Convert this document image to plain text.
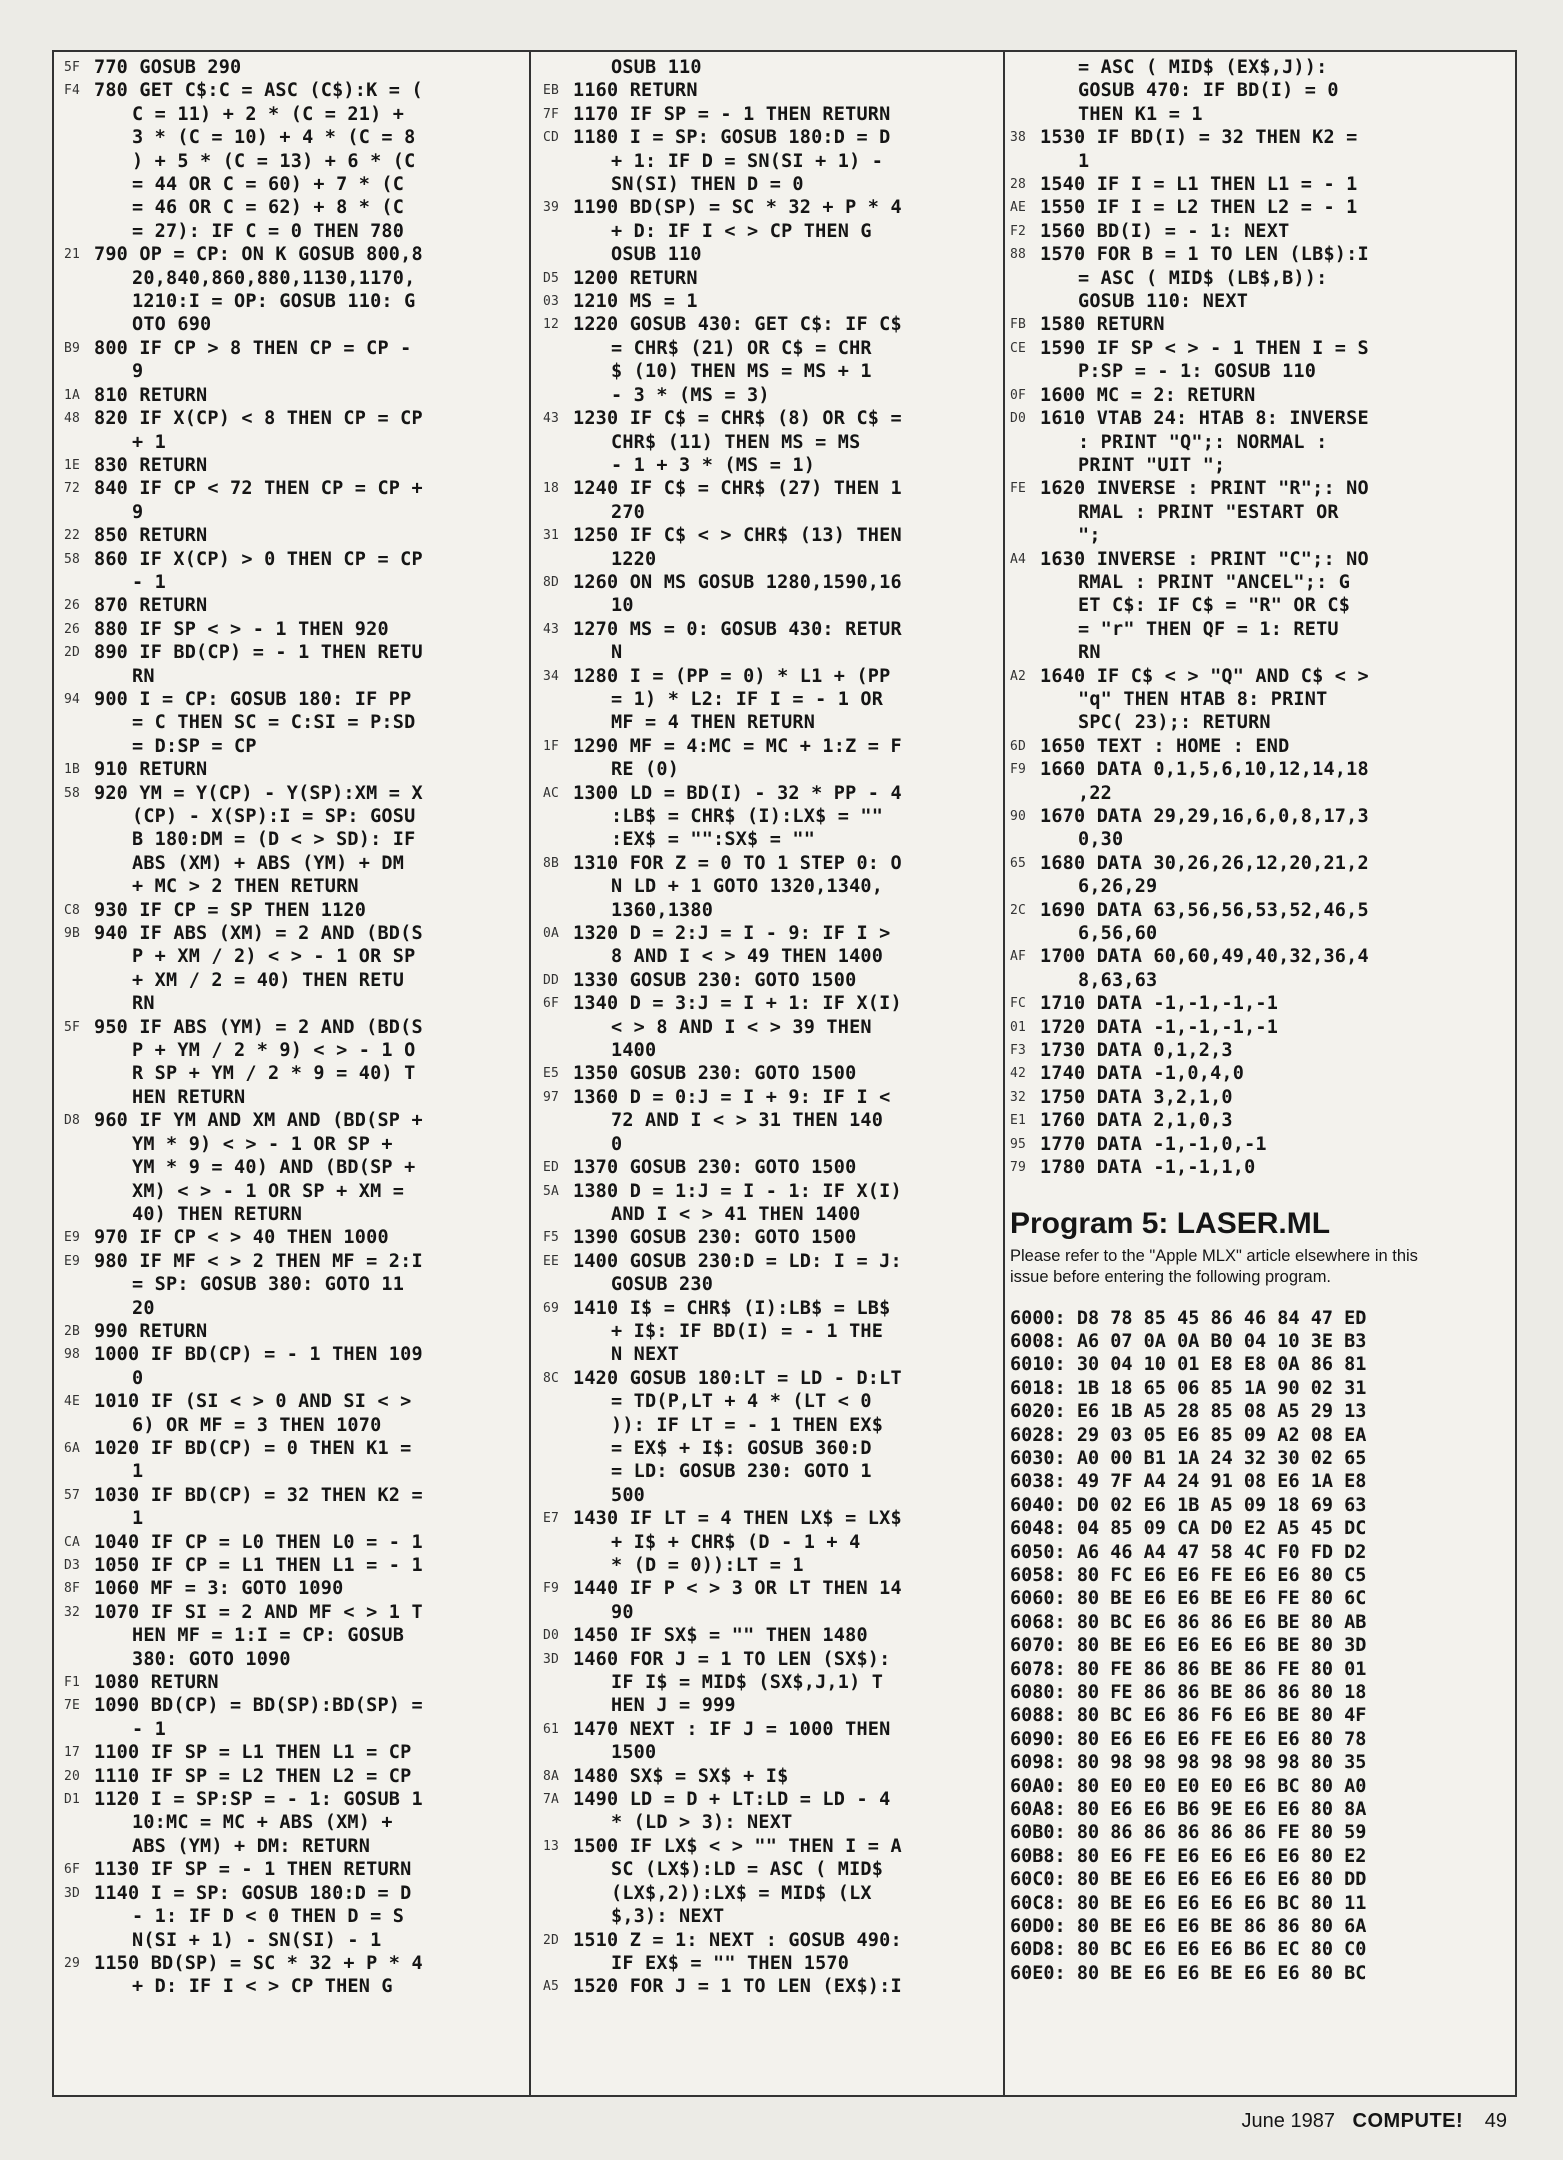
5F 770 GOSUB 290
F4 780 GET C$:C = ASC (C$):K = (
C = 11) + 2 * (C = 21) +
3 * (C = 10) + 4 * (C = 8
) + 5 * (C = 13) + 6 * (C
= 44 OR C = 60) + 7 * (C
= 46 OR C = 62) + 8 * (C
= 27): IF C = 0 THEN 780
21 790 OP = CP: ON K GOSUB 800,8
20,840,860,880,1130,1170,
1210:I = OP: GOSUB 110: G
OTO 690
B9 800 IF CP > 8 THEN CP = CP -
9
1A 810 RETURN
48 820 IF X(CP) < 8 THEN CP = CP
+ 1
1E 830 RETURN
72 840 IF CP < 72 THEN CP = CP +
9
22 850 RETURN
58 860 IF X(CP) > 0 THEN CP = CP
- 1
26 870 RETURN
26 880 IF SP < > - 1 THEN 920
2D 890 IF BD(CP) = - 1 THEN RETU
RN
94 900 I = CP: GOSUB 180: IF PP
= C THEN SC = C:SI = P:SD
= D:SP = CP
1B 910 RETURN
58 920 YM = Y(CP) - Y(SP):XM = X
(CP) - X(SP):I = SP: GOSU
B 180:DM = (D < > SD): IF
ABS (XM) + ABS (YM) + DM
+ MC > 2 THEN RETURN
C8 930 IF CP = SP THEN 1120
9B 940 IF ABS (XM) = 2 AND (BD(S
P + XM / 2) < > - 1 OR SP
+ XM / 2 = 40) THEN RETU
RN
5F 950 IF ABS (YM) = 2 AND (BD(S
P + YM / 2 * 9) < > - 1 O
R SP + YM / 2 * 9 = 40) T
HEN RETURN
D8 960 IF YM AND XM AND (BD(SP +
YM * 9) < > - 1 OR SP +
YM * 9 = 40) AND (BD(SP +
XM) < > - 1 OR SP + XM =
40) THEN RETURN
E9 970 IF CP < > 40 THEN 1000
E9 980 IF MF < > 2 THEN MF = 2:I
= SP: GOSUB 380: GOTO 11
20
2B 990 RETURN
98 1000 IF BD(CP) = - 1 THEN 109
0
4E 1010 IF (SI < > 0 AND SI < >
6) OR MF = 3 THEN 1070
6A 1020 IF BD(CP) = 0 THEN K1 =
1
57 1030 IF BD(CP) = 32 THEN K2 =
1
CA 1040 IF CP = L0 THEN L0 = - 1
D3 1050 IF CP = L1 THEN L1 = - 1
8F 1060 MF = 3: GOTO 1090
32 1070 IF SI = 2 AND MF < > 1 T
HEN MF = 1:I = CP: GOSUB
380: GOTO 1090
F1 1080 RETURN
7E 1090 BD(CP) = BD(SP):BD(SP) =
- 1
17 1100 IF SP = L1 THEN L1 = CP
20 1110 IF SP = L2 THEN L2 = CP
D1 1120 I = SP:SP = - 1: GOSUB 1
10:MC = MC + ABS (XM) +
ABS (YM) + DM: RETURN
6F 1130 IF SP = - 1 THEN RETURN
3D 1140 I = SP: GOSUB 180:D = D
- 1: IF D < 0 THEN D = S
N(SI + 1) - SN(SI) - 1
29 1150 BD(SP) = SC * 32 + P * 4
+ D: IF I < > CP THEN G
OSUB 110
EB 1160 RETURN
7F 1170 IF SP = - 1 THEN RETURN
CD 1180 I = SP: GOSUB 180:D = D
+ 1: IF D = SN(SI + 1) -
SN(SI) THEN D = 0
39 1190 BD(SP) = SC * 32 + P * 4
+ D: IF I < > CP THEN G
OSUB 110
D5 1200 RETURN
03 1210 MS = 1
12 1220 GOSUB 430: GET C$: IF C$
= CHR$ (21) OR C$ = CHR
$ (10) THEN MS = MS + 1
- 3 * (MS = 3)
43 1230 IF C$ = CHR$ (8) OR C$ =
CHR$ (11) THEN MS = MS
- 1 + 3 * (MS = 1)
18 1240 IF C$ = CHR$ (27) THEN 1
270
31 1250 IF C$ < > CHR$ (13) THEN
1220
8D 1260 ON MS GOSUB 1280,1590,16
10
43 1270 MS = 0: GOSUB 430: RETUR
N
34 1280 I = (PP = 0) * L1 + (PP
= 1) * L2: IF I = - 1 OR
MF = 4 THEN RETURN
1F 1290 MF = 4:MC = MC + 1:Z = F
RE (0)
AC 1300 LD = BD(I) - 32 * PP - 4
:LB$ = CHR$ (I):LX$ = ""
:EX$ = "":SX$ = ""
8B 1310 FOR Z = 0 TO 1 STEP 0: O
N LD + 1 GOTO 1320,1340,
1360,1380
0A 1320 D = 2:J = I - 9: IF I >
8 AND I < > 49 THEN 1400
DD 1330 GOSUB 230: GOTO 1500
6F 1340 D = 3:J = I + 1: IF X(I)
< > 8 AND I < > 39 THEN
1400
E5 1350 GOSUB 230: GOTO 1500
97 1360 D = 0:J = I + 9: IF I <
72 AND I < > 31 THEN 140
0
ED 1370 GOSUB 230: GOTO 1500
5A 1380 D = 1:J = I - 1: IF X(I)
AND I < > 41 THEN 1400
F5 1390 GOSUB 230: GOTO 1500
EE 1400 GOSUB 230:D = LD: I = J:
GOSUB 230
69 1410 I$ = CHR$ (I):LB$ = LB$
+ I$: IF BD(I) = - 1 THE
N NEXT
8C 1420 GOSUB 180:LT = LD - D:LT
= TD(P,LT + 4 * (LT < 0
)): IF LT = - 1 THEN EX$
= EX$ + I$: GOSUB 360:D
= LD: GOSUB 230: GOTO 1
500
E7 1430 IF LT = 4 THEN LX$ = LX$
+ I$ + CHR$ (D - 1 + 4
* (D = 0)):LT = 1
F9 1440 IF P < > 3 OR LT THEN 14
90
D0 1450 IF SX$ = "" THEN 1480
3D 1460 FOR J = 1 TO LEN (SX$):
IF I$ = MID$ (SX$,J,1) T
HEN J = 999
61 1470 NEXT : IF J = 1000 THEN
1500
8A 1480 SX$ = SX$ + I$
7A 1490 LD = D + LT:LD = LD - 4
* (LD > 3): NEXT
13 1500 IF LX$ < > "" THEN I = A
SC (LX$):LD = ASC ( MID$
(LX$,2)):LX$ = MID$ (LX
$,3): NEXT
2D 1510 Z = 1: NEXT : GOSUB 490:
IF EX$ = "" THEN 1570
A5 1520 FOR J = 1 TO LEN (EX$):I
= ASC ( MID$ (EX$,J)):
GOSUB 470: IF BD(I) = 0
THEN K1 = 1
38 1530 IF BD(I) = 32 THEN K2 =
1
28 1540 IF I = L1 THEN L1 = - 1
AE 1550 IF I = L2 THEN L2 = - 1
F2 1560 BD(I) = - 1: NEXT
88 1570 FOR B = 1 TO LEN (LB$):I
= ASC ( MID$ (LB$,B)):
GOSUB 110: NEXT
FB 1580 RETURN
CE 1590 IF SP < > - 1 THEN I = S
P:SP = - 1: GOSUB 110
0F 1600 MC = 2: RETURN
D0 1610 VTAB 24: HTAB 8: INVERSE
: PRINT "Q";: NORMAL :
PRINT "UIT ";
FE 1620 INVERSE : PRINT "R";: NO
RMAL : PRINT "ESTART OR
";
A4 1630 INVERSE : PRINT "C";: NO
RMAL : PRINT "ANCEL";: G
ET C$: IF C$ = "R" OR C$
= "r" THEN QF = 1: RETU
RN
A2 1640 IF C$ < > "Q" AND C$ < >
"q" THEN HTAB 8: PRINT
SPC( 23);: RETURN
6D 1650 TEXT : HOME : END
F9 1660 DATA 0,1,5,6,10,12,14,18
,22
90 1670 DATA 29,29,16,6,0,8,17,3
0,30
65 1680 DATA 30,26,26,12,20,21,2
6,26,29
2C 1690 DATA 63,56,56,53,52,46,5
6,56,60
AF 1700 DATA 60,60,49,40,32,36,4
8,63,63
FC 1710 DATA -1,-1,-1,-1
01 1720 DATA -1,-1,-1,-1
F3 1730 DATA 0,1,2,3
42 1740 DATA -1,0,4,0
32 1750 DATA 3,2,1,0
E1 1760 DATA 2,1,0,3
95 1770 DATA -1,-1,0,-1
79 1780 DATA -1,-1,1,0
Program 5: LASER.ML
Please refer to the "Apple MLX" article elsewhere in this issue before entering the following program.
6000: D8 78 85 45 86 46 84 47 ED
6008: A6 07 0A 0A B0 04 10 3E B3
6010: 30 04 10 01 E8 E8 0A 86 81
6018: 1B 18 65 06 85 1A 90 02 31
6020: E6 1B A5 28 85 08 A5 29 13
6028: 29 03 05 E6 85 09 A2 08 EA
6030: A0 00 B1 1A 24 32 30 02 65
6038: 49 7F A4 24 91 08 E6 1A E8
6040: D0 02 E6 1B A5 09 18 69 63
6048: 04 85 09 CA D0 E2 A5 45 DC
6050: A6 46 A4 47 58 4C F0 FD D2
6058: 80 FC E6 E6 FE E6 E6 80 C5
6060: 80 BE E6 E6 BE E6 FE 80 6C
6068: 80 BC E6 86 86 E6 BE 80 AB
6070: 80 BE E6 E6 E6 E6 BE 80 3D
6078: 80 FE 86 86 BE 86 FE 80 01
6080: 80 FE 86 86 BE 86 86 80 18
6088: 80 BC E6 86 F6 E6 BE 80 4F
6090: 80 E6 E6 E6 FE E6 E6 80 78
6098: 80 98 98 98 98 98 98 80 35
60A0: 80 E0 E0 E0 E0 E6 BC 80 A0
60A8: 80 E6 E6 B6 9E E6 E6 80 8A
60B0: 80 86 86 86 86 86 FE 80 59
60B8: 80 E6 FE E6 E6 E6 E6 80 E2
60C0: 80 BE E6 E6 E6 E6 E6 80 DD
60C8: 80 BE E6 E6 E6 E6 BC 80 11
60D0: 80 BE E6 E6 BE 86 86 80 6A
60D8: 80 BC E6 E6 E6 B6 EC 80 C0
60E0: 80 BE E6 E6 BE E6 E6 80 BC
June 1987 COMPUTE! 49
